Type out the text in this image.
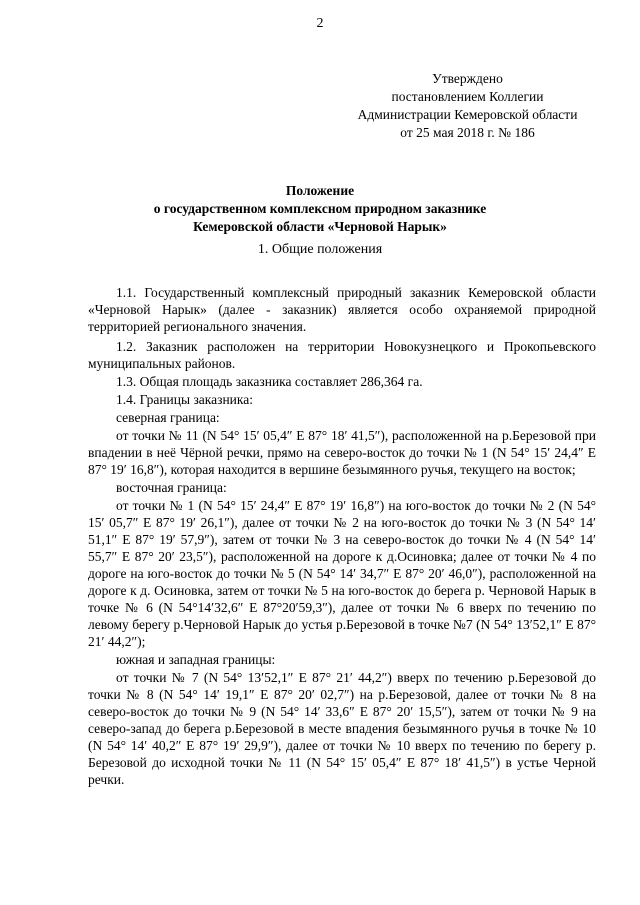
2
Утверждено
постановлением Коллегии
Администрации Кемеровской области
от 25 мая 2018 г. № 186
Положение
о государственном комплексном природном заказнике
Кемеровской области «Черновой Нарык»
1. Общие положения

1.1. Государственный комплексный природный заказник Кемеровской области «Черновой Нарык» (далее - заказник) является особо охраняемой природной территорией регионального значения.

1.2. Заказник расположен на территории Новокузнецкого и Прокопьевского муниципальных районов.

1.3. Общая площадь заказника составляет 286,364 га.

1.4. Границы заказника:

северная граница:

от точки № 11 (N 54° 15′ 05,4″ E 87° 18′ 41,5″), расположенной на р.Березовой при впадении в неё Чёрной речки, прямо на северо-восток до точки № 1 (N 54° 15′ 24,4″ E 87° 19′ 16,8″), которая находится в вершине безымянного ручья, текущего на восток;

восточная граница:

от точки № 1 (N 54° 15′ 24,4″ E 87° 19′ 16,8″) на юго-восток до точки № 2 (N 54° 15′ 05,7″ E 87° 19′ 26,1″), далее от точки № 2 на юго-восток до точки № 3 (N 54° 14′ 51,1″ E 87° 19′ 57,9″), затем от точки № 3 на северо-восток до точки № 4 (N 54° 14′ 55,7″ E 87° 20′ 23,5″), расположенной на дороге к д.Осиновка; далее от точки № 4 по дороге на юго-восток до точки № 5 (N 54° 14′ 34,7″ E 87° 20′ 46,0″), расположенной на дороге к д. Осиновка, затем от точки № 5 на юго-восток до берега р. Черновой Нарык в точке № 6 (N 54°14′32,6″ E 87°20′59,3″), далее от точки № 6 вверх по течению по левому берегу р.Черновой Нарык до устья р.Березовой в точке №7 (N 54° 13′52,1″ E 87° 21′ 44,2″);

южная и западная границы:

от точки № 7 (N 54° 13′52,1″ E 87° 21′ 44,2″) вверх по течению р.Березовой до точки № 8 (N 54° 14′ 19,1″ E 87° 20′ 02,7″) на р.Березовой, далее от точки № 8 на северо-восток до точки № 9 (N 54° 14′ 33,6″ E 87° 20′ 15,5″), затем от точки № 9 на северо-запад до берега р.Березовой в месте впадения безымянного ручья в точке № 10 (N 54° 14′ 40,2″ E 87° 19′ 29,9″), далее от точки № 10 вверх по течению по берегу р. Березовой до исходной точки № 11 (N 54° 15′ 05,4″ E 87° 18′ 41,5″) в устье Черной речки.
